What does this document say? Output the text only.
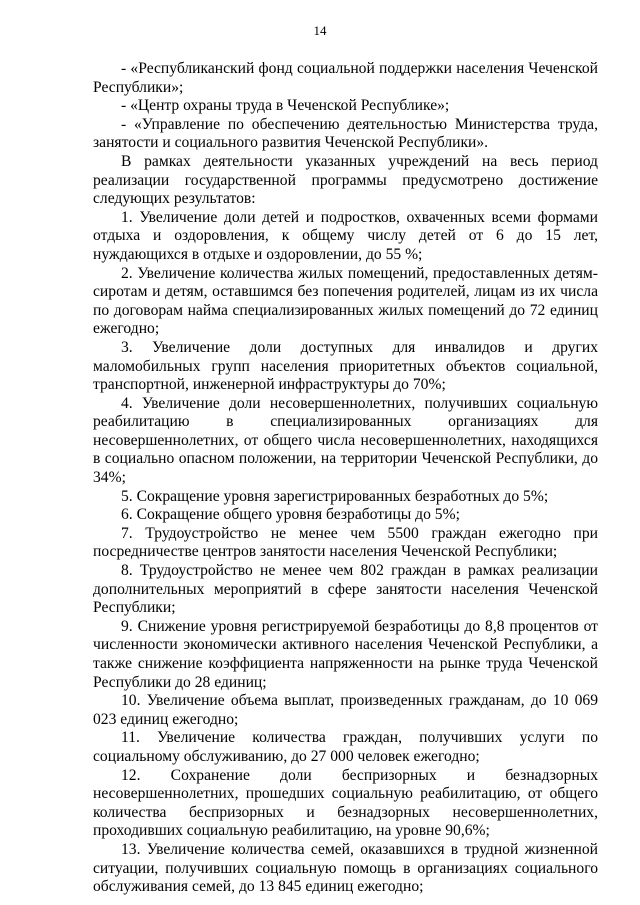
14

- «Республиканский фонд социальной поддержки населения Чеченской Республики»;

- «Центр охраны труда в Чеченской Республике»;

- «Управление по обеспечению деятельностью Министерства труда, занятости и социального развития Чеченской Республики».

В рамках деятельности указанных учреждений на весь период реализации государственной программы предусмотрено достижение следующих результатов:

1. Увеличение доли детей и подростков, охваченных всеми формами отдыха и оздоровления, к общему числу детей от 6 до 15 лет, нуждающихся в отдыхе и оздоровлении, до 55 %;

2. Увеличение количества жилых помещений, предоставленных детям-сиротам и детям, оставшимся без попечения родителей, лицам из их числа по договорам найма специализированных жилых помещений до 72 единиц ежегодно;

3. Увеличение доли доступных для инвалидов и других маломобильных групп населения приоритетных объектов социальной, транспортной, инженерной инфраструктуры до 70%;

4. Увеличение доли несовершеннолетних, получивших социальную реабилитацию в специализированных организациях для несовершеннолетних, от общего числа несовершеннолетних, находящихся в социально опасном положении, на территории Чеченской Республики, до 34%;

5. Сокращение уровня зарегистрированных безработных до 5%;

6. Сокращение общего уровня безработицы до 5%;

7. Трудоустройство не менее чем 5500 граждан ежегодно при посредничестве центров занятости населения Чеченской Республики;

8. Трудоустройство не менее чем 802 граждан в рамках реализации дополнительных мероприятий в сфере занятости населения Чеченской Республики;

9. Снижение уровня регистрируемой безработицы до 8,8 процентов от численности экономически активного населения Чеченской Республики, а также снижение коэффициента напряженности на рынке труда Чеченской Республики до 28 единиц;

10. Увеличение объема выплат, произведенных гражданам, до 10 069 023 единиц ежегодно;

11. Увеличение количества граждан, получивших услуги по социальному обслуживанию, до 27 000 человек ежегодно;

12. Сохранение доли беспризорных и безнадзорных несовершеннолетних, прошедших социальную реабилитацию, от общего количества беспризорных и безнадзорных несовершеннолетних, проходивших социальную реабилитацию, на уровне 90,6%;

13. Увеличение количества семей, оказавшихся в трудной жизненной ситуации, получивших социальную помощь в организациях социального обслуживания семей, до 13 845 единиц ежегодно;
